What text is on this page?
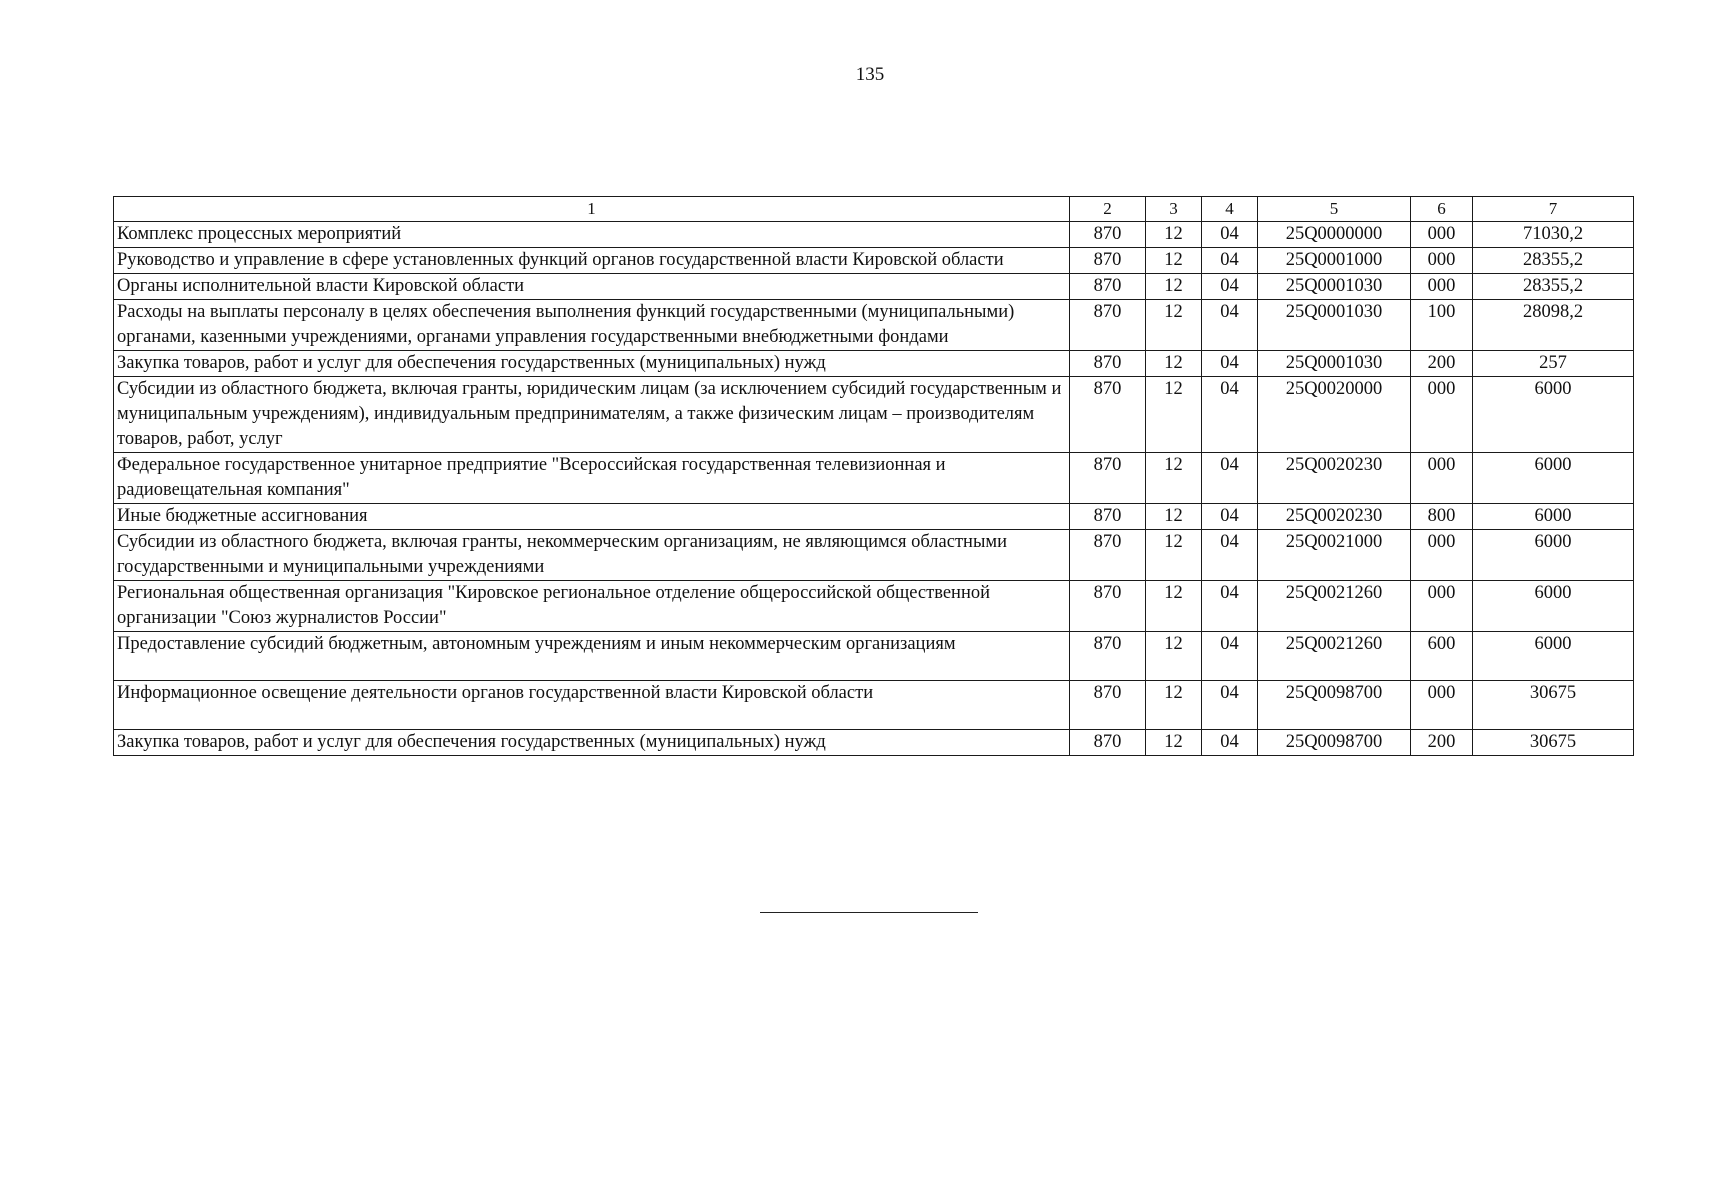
135
1	2	3	4	5	6	7
Комплекс процессных мероприятий	870	12	04	25Q0000000	000	71030,2
Руководство и управление в сфере установленных функций органов государственной власти Кировской области	870	12	04	25Q0001000	000	28355,2
Органы исполнительной власти Кировской области	870	12	04	25Q0001030	000	28355,2
Расходы на выплаты персоналу в целях обеспечения выполнения функций государственными (муниципальными) органами, казенными учреждениями, органами управления государственными внебюджетными фондами	870	12	04	25Q0001030	100	28098,2
Закупка товаров, работ и услуг для обеспечения государственных (муниципальных) нужд	870	12	04	25Q0001030	200	257
Субсидии из областного бюджета, включая гранты, юридическим лицам (за исключением субсидий государственным и муниципальным учреждениям), индивидуальным предпринимателям, а также физическим лицам – производителям товаров, работ, услуг	870	12	04	25Q0020000	000	6000
Федеральное государственное унитарное предприятие "Всероссийская государственная телевизионная и радиовещательная компания"	870	12	04	25Q0020230	000	6000
Иные бюджетные ассигнования	870	12	04	25Q0020230	800	6000
Субсидии из областного бюджета, включая гранты, некоммерческим организациям, не являющимся областными государственными и муниципальными учреждениями	870	12	04	25Q0021000	000	6000
Региональная общественная организация "Кировское региональное отделение общероссийской общественной организации "Союз журналистов России"	870	12	04	25Q0021260	000	6000
Предоставление субсидий бюджетным, автономным учреждениям и иным некоммерческим организациям	870	12	04	25Q0021260	600	6000
Информационное освещение деятельности органов государственной власти Кировской области	870	12	04	25Q0098700	000	30675
Закупка товаров, работ и услуг для обеспечения государственных (муниципальных) нужд	870	12	04	25Q0098700	200	30675
